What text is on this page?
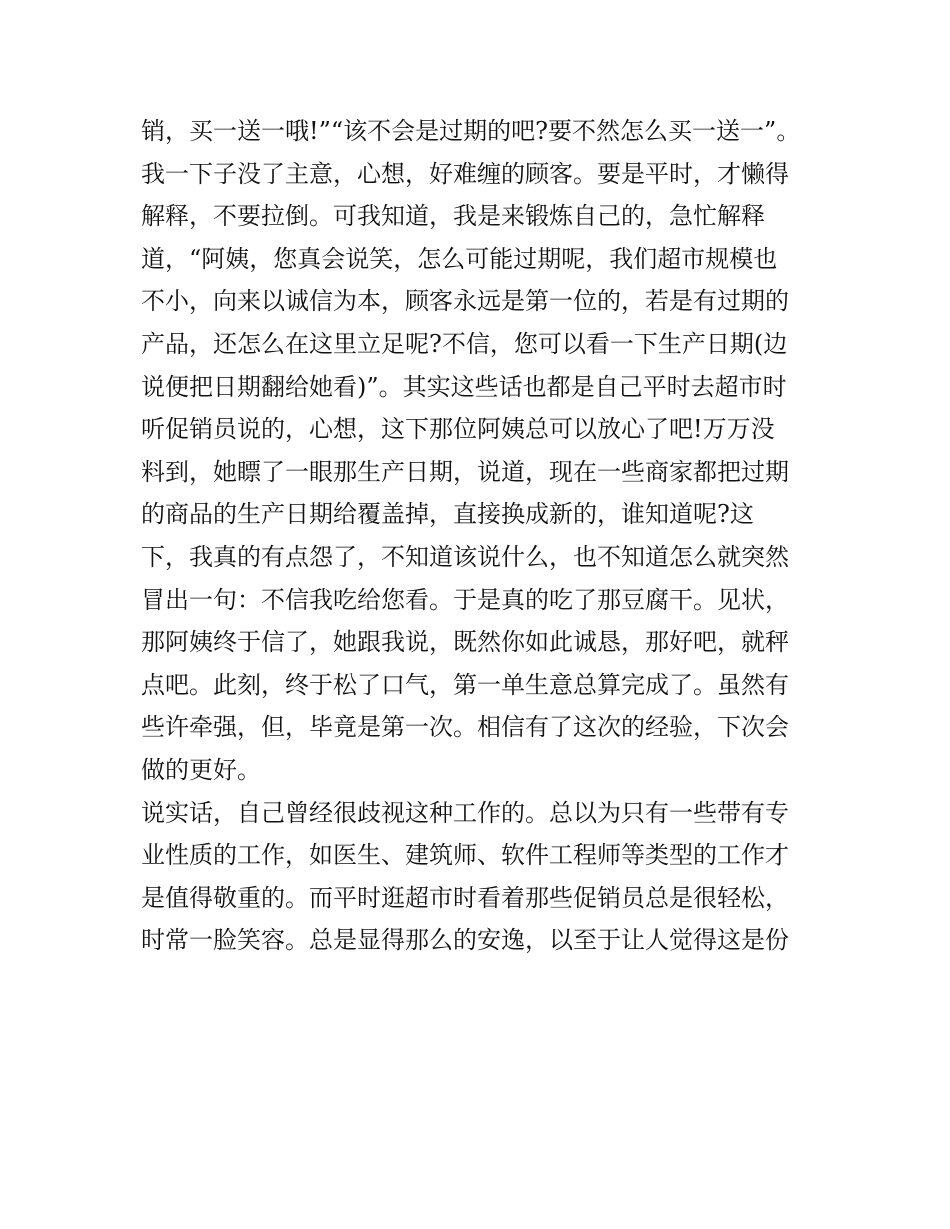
销，买一送一哦!”“该不会是过期的吧?要不然怎么买一送一”。
我一下子没了主意，心想，好难缠的顾客。要是平时，才懒得
解释，不要拉倒。可我知道，我是来锻炼自己的，急忙解释
道，“阿姨，您真会说笑，怎么可能过期呢，我们超市规模也
不小，向来以诚信为本，顾客永远是第一位的，若是有过期的
产品，还怎么在这里立足呢?不信，您可以看一下生产日期(边
说便把日期翻给她看)”。其实这些话也都是自己平时去超市时
听促销员说的，心想，这下那位阿姨总可以放心了吧!万万没
料到，她瞟了一眼那生产日期，说道，现在一些商家都把过期
的商品的生产日期给覆盖掉，直接换成新的，谁知道呢?这
下，我真的有点怨了，不知道该说什么，也不知道怎么就突然
冒出一句：不信我吃给您看。于是真的吃了那豆腐干。见状，
那阿姨终于信了，她跟我说，既然你如此诚恳，那好吧，就秤
点吧。此刻，终于松了口气，第一单生意总算完成了。虽然有
些许牵强，但，毕竟是第一次。相信有了这次的经验，下次会
做的更好。
说实话，自己曾经很歧视这种工作的。总以为只有一些带有专
业性质的工作，如医生、建筑师、软件工程师等类型的工作才
是值得敬重的。而平时逛超市时看着那些促销员总是很轻松，
时常一脸笑容。总是显得那么的安逸，以至于让人觉得这是份
